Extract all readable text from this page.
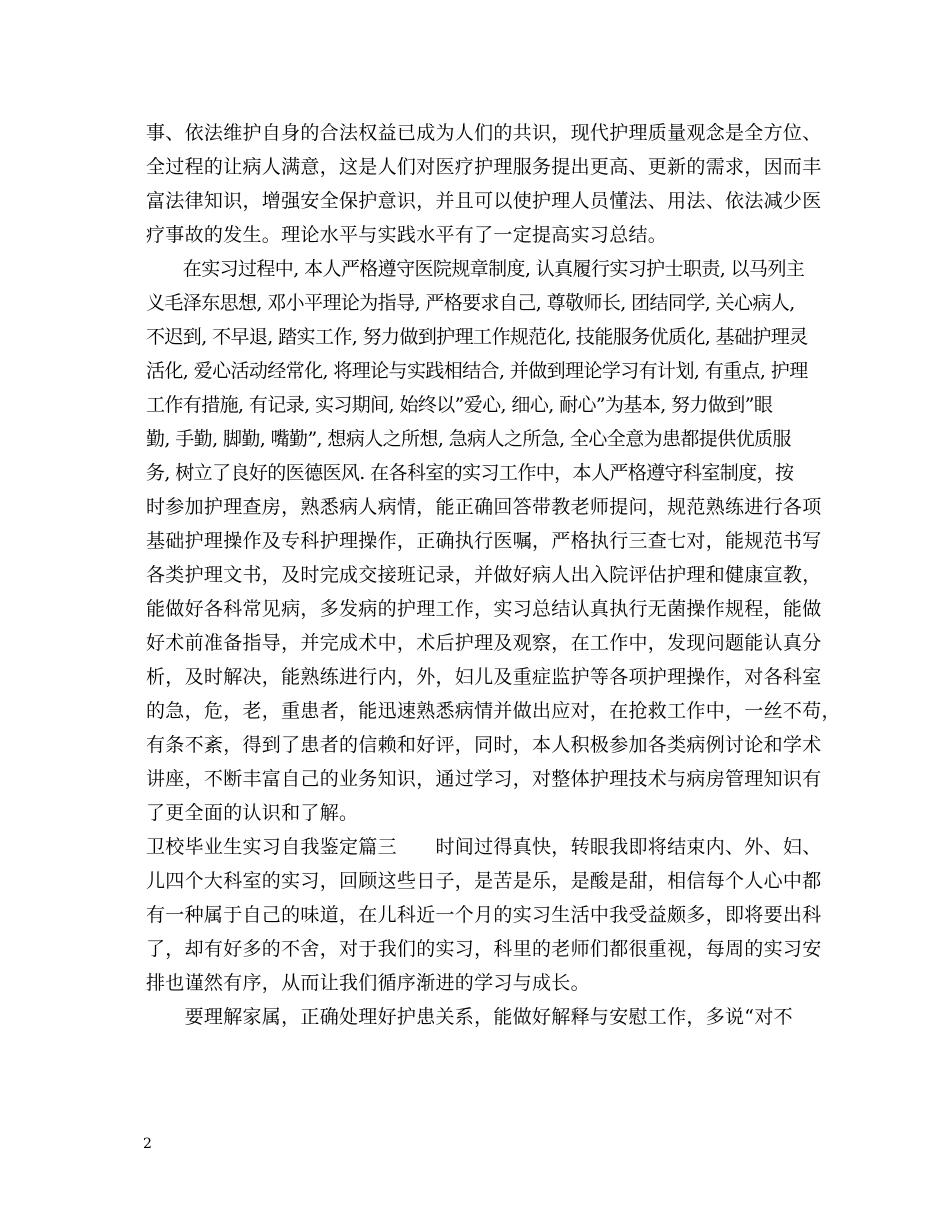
事、依法维护自身的合法权益已成为人们的共识，现代护理质量观念是全方位、
全过程的让病人满意，这是人们对医疗护理服务提出更高、更新的需求，因而丰
富法律知识，增强安全保护意识，并且可以使护理人员懂法、用法、依法减少医
疗事故的发生。理论水平与实践水平有了一定提高实习总结。
　　在实习过程中, 本人严格遵守医院规章制度, 认真履行实习护士职责, 以马列主
义毛泽东思想, 邓小平理论为指导, 严格要求自己, 尊敬师长, 团结同学, 关心病人,
不迟到, 不早退, 踏实工作, 努力做到护理工作规范化, 技能服务优质化, 基础护理灵
活化, 爱心活动经常化, 将理论与实践相结合, 并做到理论学习有计划, 有重点, 护理
工作有措施, 有记录, 实习期间, 始终以”爱心, 细心, 耐心”为基本, 努力做到”眼
勤, 手勤, 脚勤, 嘴勤”, 想病人之所想, 急病人之所急, 全心全意为患都提供优质服
务, 树立了良好的医德医风. 在各科室的实习工作中，本人严格遵守科室制度，按
时参加护理查房，熟悉病人病情，能正确回答带教老师提问，规范熟练进行各项
基础护理操作及专科护理操作，正确执行医嘱，严格执行三查七对，能规范书写
各类护理文书，及时完成交接班记录，并做好病人出入院评估护理和健康宣教，
能做好各科常见病，多发病的护理工作，实习总结认真执行无菌操作规程，能做
好术前准备指导，并完成术中，术后护理及观察，在工作中，发现问题能认真分
析，及时解决，能熟练进行内，外，妇儿及重症监护等各项护理操作，对各科室
的急，危，老，重患者，能迅速熟悉病情并做出应对，在抢救工作中，一丝不苟，
有条不紊，得到了患者的信赖和好评，同时，本人积极参加各类病例讨论和学术
讲座，不断丰富自己的业务知识，通过学习，对整体护理技术与病房管理知识有
了更全面的认识和了解。
卫校毕业生实习自我鉴定篇三　　时间过得真快，转眼我即将结束内、外、妇、
儿四个大科室的实习，回顾这些日子，是苦是乐，是酸是甜，相信每个人心中都
有一种属于自己的味道，在儿科近一个月的实习生活中我受益颇多，即将要出科
了，却有好多的不舍，对于我们的实习，科里的老师们都很重视，每周的实习安
排也谨然有序，从而让我们循序渐进的学习与成长。
　　要理解家属，正确处理好护患关系，能做好解释与安慰工作，多说“对不
2
